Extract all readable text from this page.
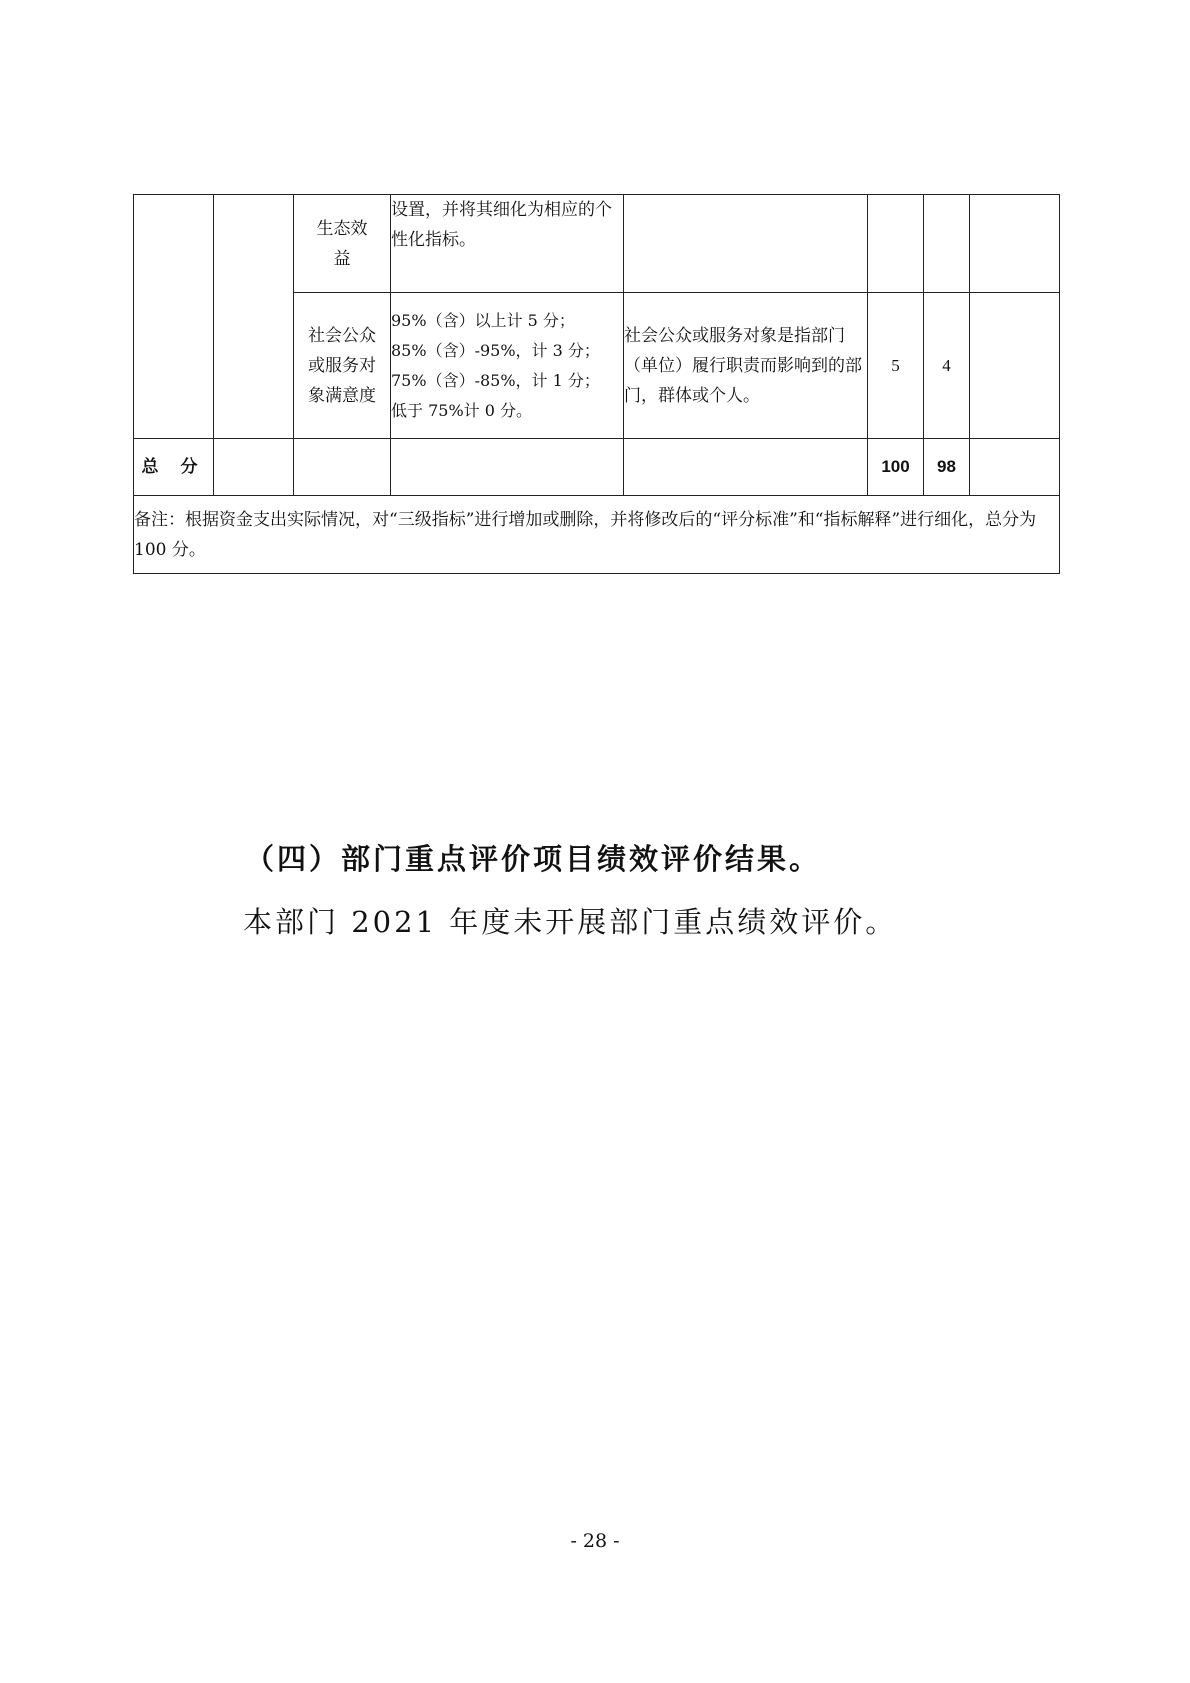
		生态效益	设置，并将其细化为相应的个性化指标。				

		社会公众或服务对象满意度	95%（含）以上计 5 分；
85%（含）-95%，计 3 分；
75%（含）-85%，计 1 分；
低于 75%计 0 分。	社会公众或服务对象是指部门（单位）履行职责而影响到的部门，群体或个人。	5	4	
总 分					100	98	
备注：根据资金支出实际情况，对“三级指标”进行增加或删除，并将修改后的“评分标准”和“指标解释”进行细化，总分为 100 分。							
（四）部门重点评价项目绩效评价结果。
本部门 2021 年度未开展部门重点绩效评价。
- 28 -
